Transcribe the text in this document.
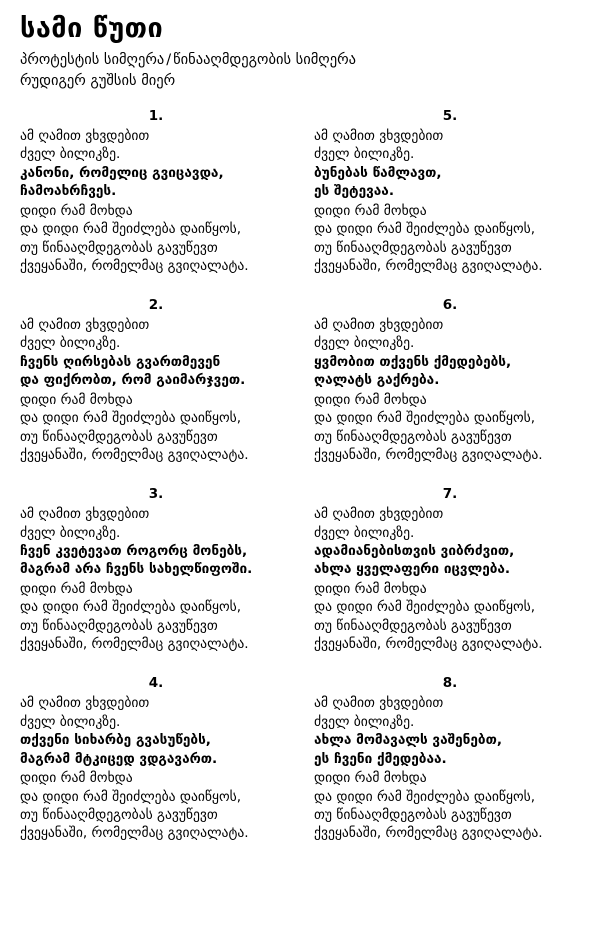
სამი წუთი

პროტესტის სიმღერა / წინააღმდეგობის სიმღერა

რუდიგერ გუშსის მიერ

1.
ამ ღამით ვხვდებით
ძველ ბილიკზე.
კანონი, რომელიც გვიცავდა,
ჩამოახრჩვეს.
დიდი რამ მოხდა
და დიდი რამ შეიძლება დაიწყოს,
თუ წინააღმდეგობას გავუწევთ
ქვეყანაში, რომელმაც გვიღალატა.
2.
ამ ღამით ვხვდებით
ძველ ბილიკზე.
ჩვენს ღირსებას გვართმევენ
და ფიქრობთ, რომ გაიმარჯვეთ.
დიდი რამ მოხდა
და დიდი რამ შეიძლება დაიწყოს,
თუ წინააღმდეგობას გავუწევთ
ქვეყანაში, რომელმაც გვიღალატა.
3.
ამ ღამით ვხვდებით
ძველ ბილიკზე.
ჩვენ კვეტევათ როგორც მონებს,
მაგრამ არა ჩვენს სახელწიფოში.
დიდი რამ მოხდა
და დიდი რამ შეიძლება დაიწყოს,
თუ წინააღმდეგობას გავუწევთ
ქვეყანაში, რომელმაც გვიღალატა.
4.
ამ ღამით ვხვდებით
ძველ ბილიკზე.
თქვენი სიხარბე გვასუწებს,
მაგრამ მტკიცედ ვდგავართ.
დიდი რამ მოხდა
და დიდი რამ შეიძლება დაიწყოს,
თუ წინააღმდეგობას გავუწევთ
ქვეყანაში, რომელმაც გვიღალატა.
5.
ამ ღამით ვხვდებით
ძველ ბილიკზე.
ბუნებას წამლავთ,
ეს შეტევაა.
დიდი რამ მოხდა
და დიდი რამ შეიძლება დაიწყოს,
თუ წინააღმდეგობას გავუწევთ
ქვეყანაში, რომელმაც გვიღალატა.
6.
ამ ღამით ვხვდებით
ძველ ბილიკზე.
ყვმობით თქვენს ქმედებებს,
ღალატს გაქრება.
დიდი რამ მოხდა
და დიდი რამ შეიძლება დაიწყოს,
თუ წინააღმდეგობას გავუწევთ
ქვეყანაში, რომელმაც გვიღალატა.
7.
ამ ღამით ვხვდებით
ძველ ბილიკზე.
ადამიანებისთვის ვიბრძვით,
ახლა ყველაფერი იცვლება.
დიდი რამ მოხდა
და დიდი რამ შეიძლება დაიწყოს,
თუ წინააღმდეგობას გავუწევთ
ქვეყანაში, რომელმაც გვიღალატა.
8.
ამ ღამით ვხვდებით
ძველ ბილიკზე.
ახლა მომავალს ვაშენებთ,
ეს ჩვენი ქმედებაა.
დიდი რამ მოხდა
და დიდი რამ შეიძლება დაიწყოს,
თუ წინააღმდეგობას გავუწევთ
ქვეყანაში, რომელმაც გვიღალატა.
